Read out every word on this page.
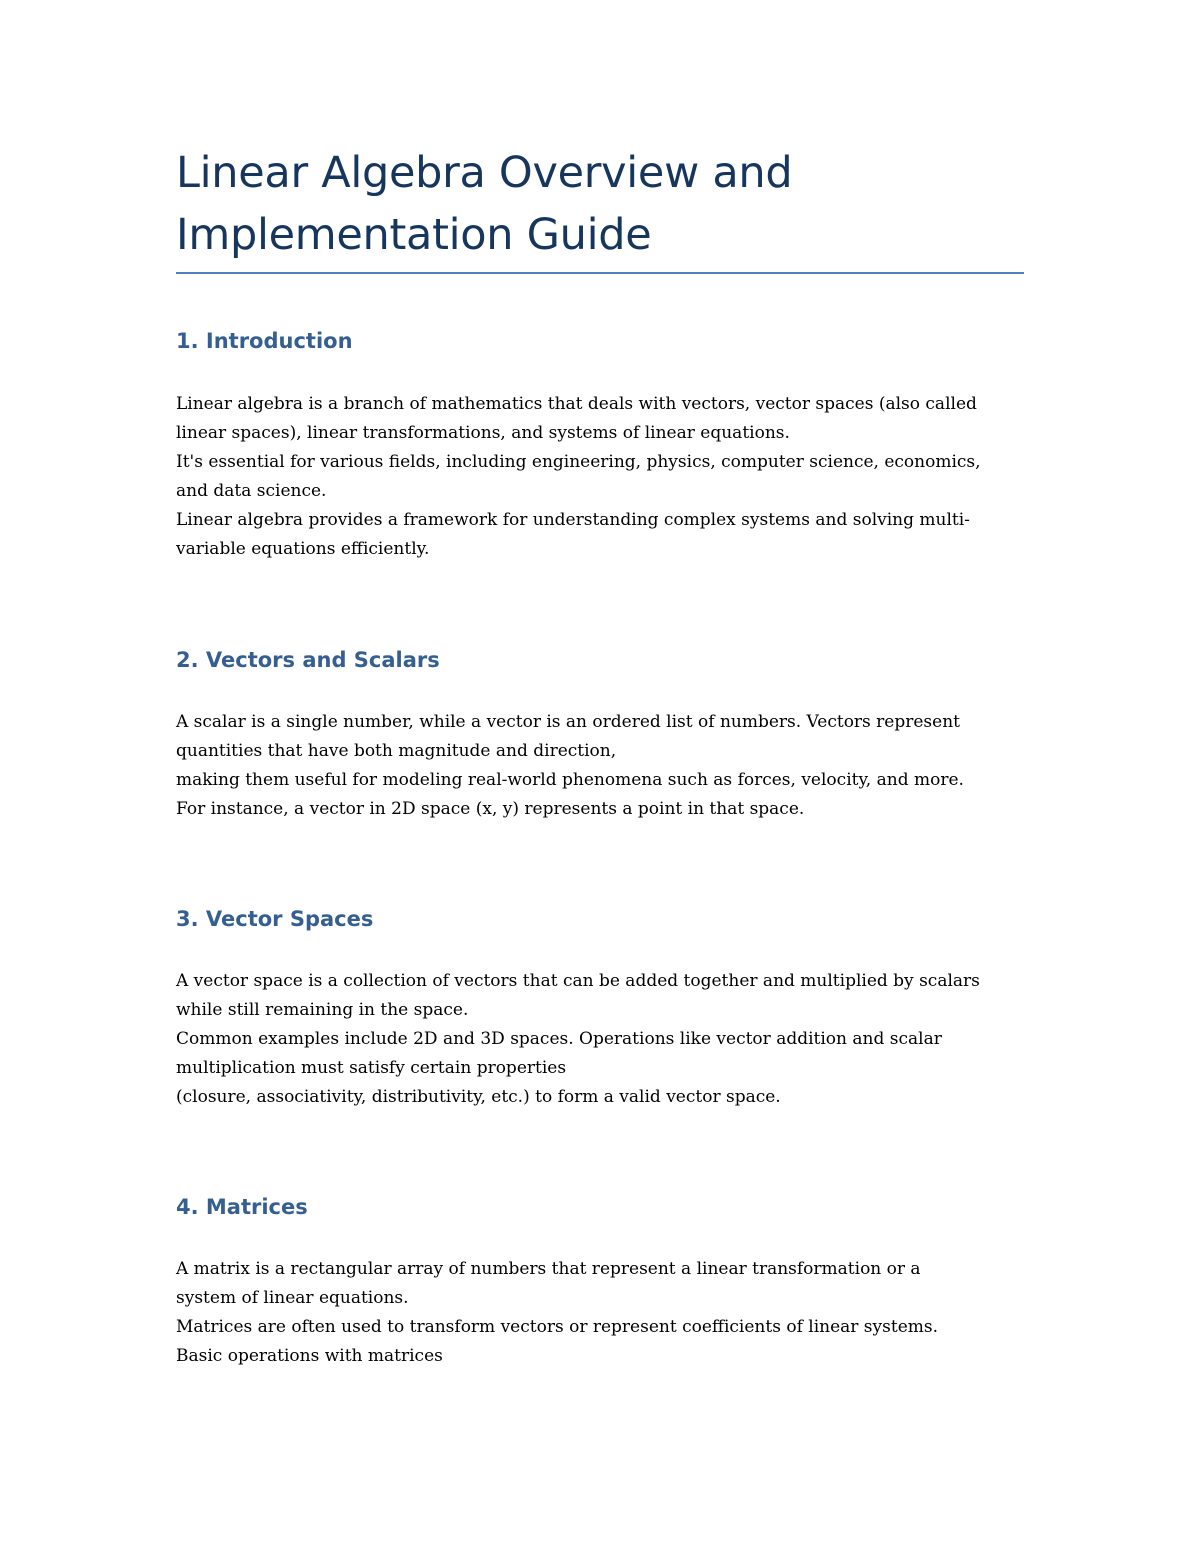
Linear Algebra Overview and
Implementation Guide
1. Introduction
Linear algebra is a branch of mathematics that deals with vectors, vector spaces (also called
linear spaces), linear transformations, and systems of linear equations.
It's essential for various fields, including engineering, physics, computer science, economics,
and data science.
Linear algebra provides a framework for understanding complex systems and solving multi-
variable equations efficiently.
2. Vectors and Scalars
A scalar is a single number, while a vector is an ordered list of numbers. Vectors represent
quantities that have both magnitude and direction,
making them useful for modeling real-world phenomena such as forces, velocity, and more.
For instance, a vector in 2D space (x, y) represents a point in that space.
3. Vector Spaces
A vector space is a collection of vectors that can be added together and multiplied by scalars
while still remaining in the space.
Common examples include 2D and 3D spaces. Operations like vector addition and scalar
multiplication must satisfy certain properties
(closure, associativity, distributivity, etc.) to form a valid vector space.
4. Matrices
A matrix is a rectangular array of numbers that represent a linear transformation or a
system of linear equations.
Matrices are often used to transform vectors or represent coefficients of linear systems.
Basic operations with matrices
